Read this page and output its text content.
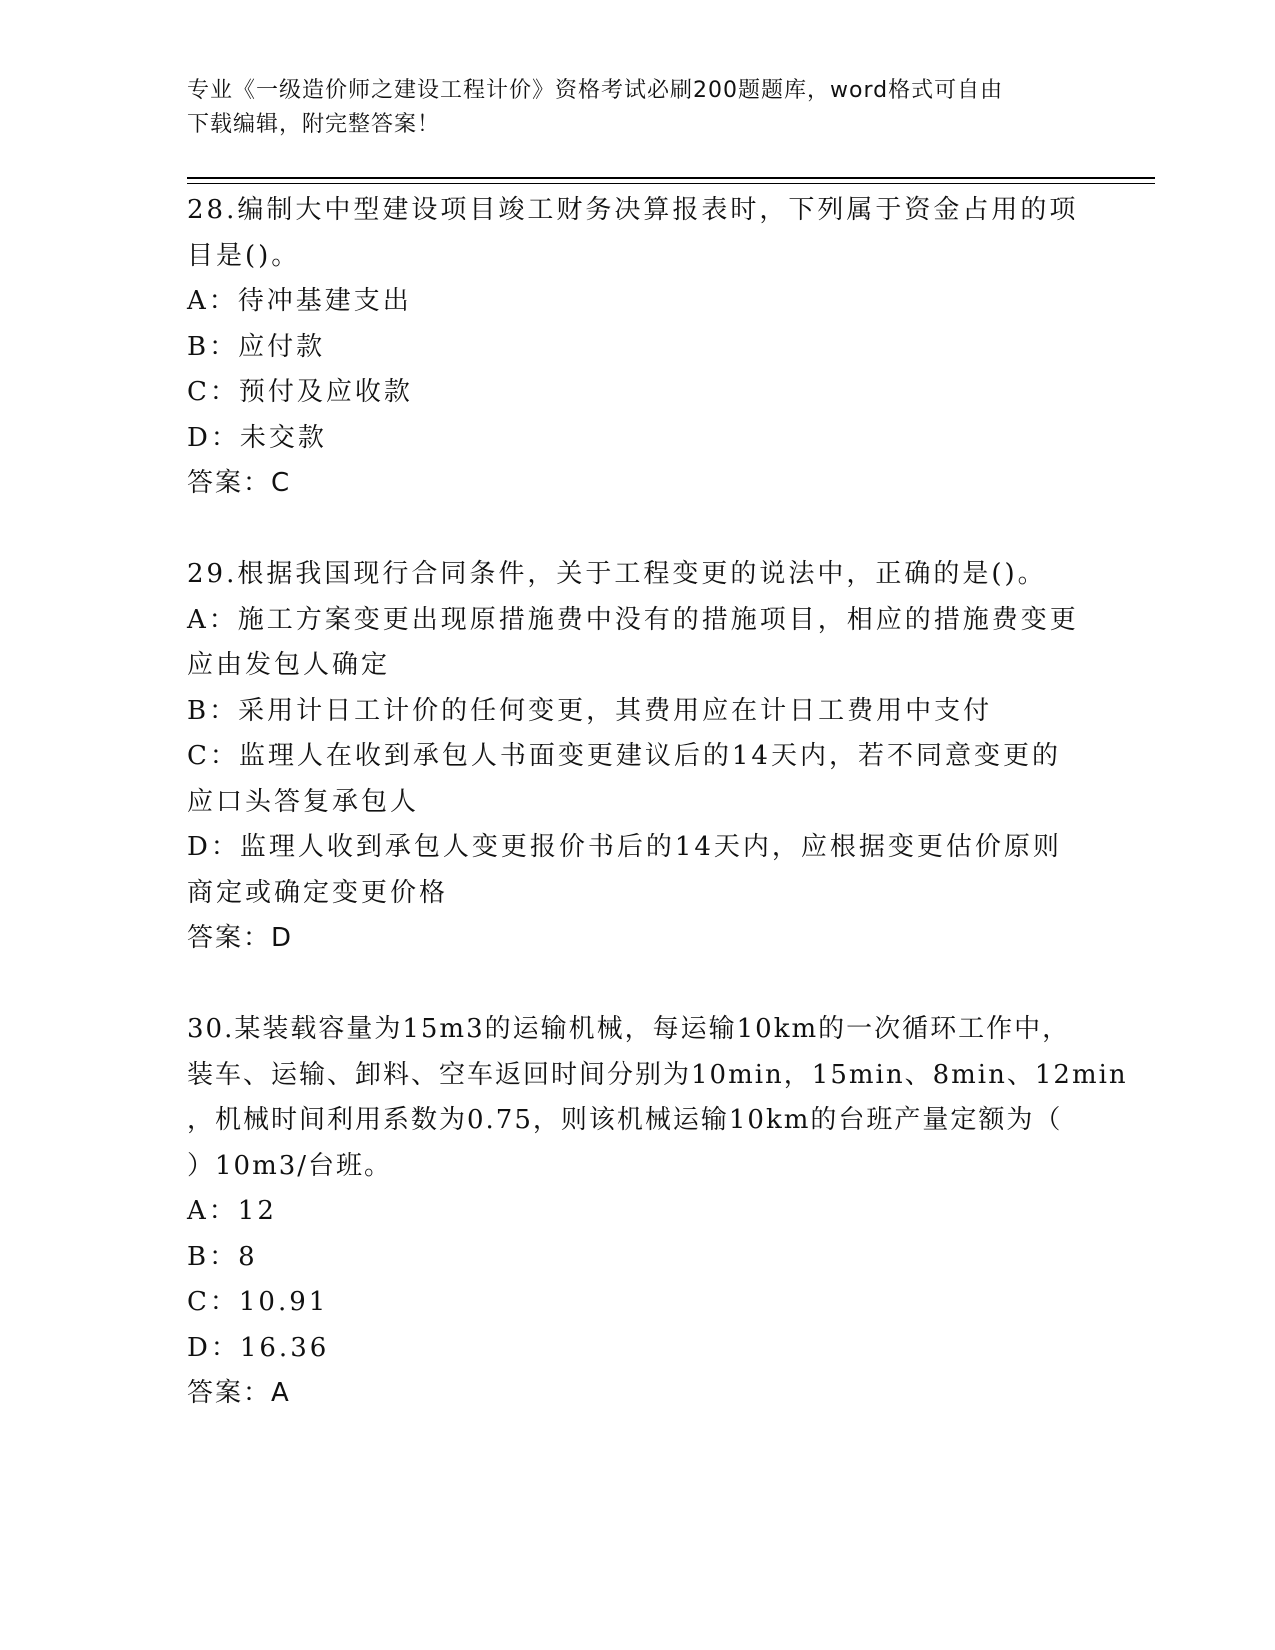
专业《一级造价师之建设工程计价》资格考试必刷200题题库，word格式可自由
下载编辑，附完整答案！
28.编制大中型建设项目竣工财务决算报表时，下列属于资金占用的项
目是()。
A：待冲基建支出
B：应付款
C：预付及应收款
D：未交款
答案：C
29.根据我国现行合同条件，关于工程变更的说法中，正确的是()。
A：施工方案变更出现原措施费中没有的措施项目，相应的措施费变更
应由发包人确定
B：采用计日工计价的任何变更，其费用应在计日工费用中支付
C：监理人在收到承包人书面变更建议后的14天内，若不同意变更的
应口头答复承包人
D：监理人收到承包人变更报价书后的14天内，应根据变更估价原则
商定或确定变更价格
答案：D
30.某装载容量为15m3的运输机械，每运输10km的一次循环工作中，
装车、运输、卸料、空车返回时间分别为10min，15min、8min、12min
，机械时间利用系数为0.75，则该机械运输10km的台班产量定额为（
）10m3/台班。
A：12
B：8
C：10.91
D：16.36
答案：A
